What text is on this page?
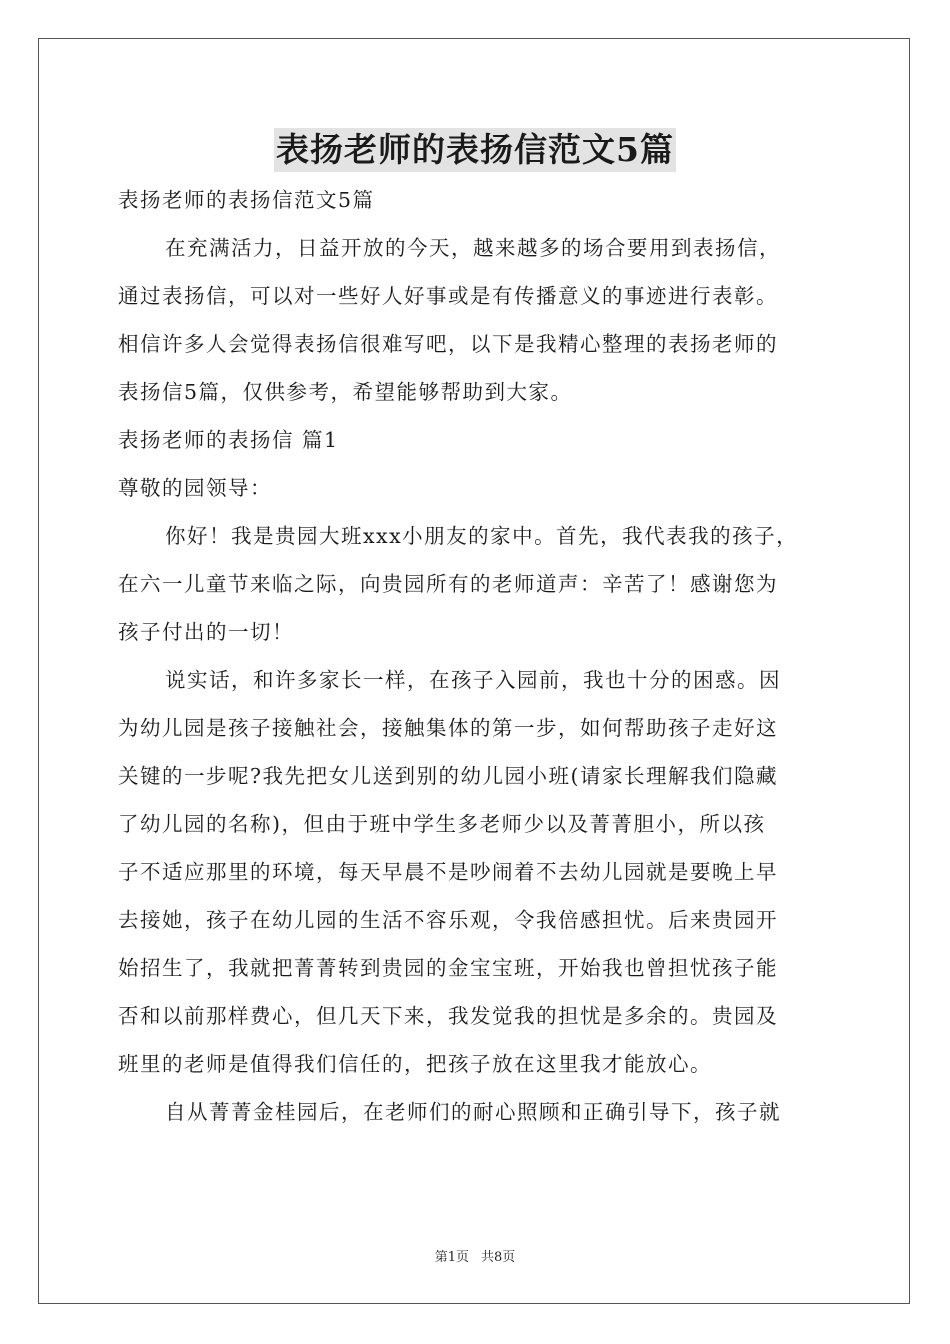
表扬老师的表扬信范文5篇
表扬老师的表扬信范文5篇
在充满活力，日益开放的今天，越来越多的场合要用到表扬信，
通过表扬信，可以对一些好人好事或是有传播意义的事迹进行表彰。
相信许多人会觉得表扬信很难写吧，以下是我精心整理的表扬老师的
表扬信5篇，仅供参考，希望能够帮助到大家。
表扬老师的表扬信 篇1
尊敬的园领导：
你好！我是贵园大班xxx小朋友的家中。首先，我代表我的孩子，
在六一儿童节来临之际，向贵园所有的老师道声：辛苦了！感谢您为
孩子付出的一切！
说实话，和许多家长一样，在孩子入园前，我也十分的困惑。因
为幼儿园是孩子接触社会，接触集体的第一步，如何帮助孩子走好这
关键的一步呢?我先把女儿送到别的幼儿园小班(请家长理解我们隐藏
了幼儿园的名称)，但由于班中学生多老师少以及菁菁胆小，所以孩
子不适应那里的环境，每天早晨不是吵闹着不去幼儿园就是要晚上早
去接她，孩子在幼儿园的生活不容乐观，令我倍感担忧。后来贵园开
始招生了，我就把菁菁转到贵园的金宝宝班，开始我也曾担忧孩子能
否和以前那样费心，但几天下来，我发觉我的担忧是多余的。贵园及
班里的老师是值得我们信任的，把孩子放在这里我才能放心。
自从菁菁金桂园后，在老师们的耐心照顾和正确引导下，孩子就
第1页 共8页
